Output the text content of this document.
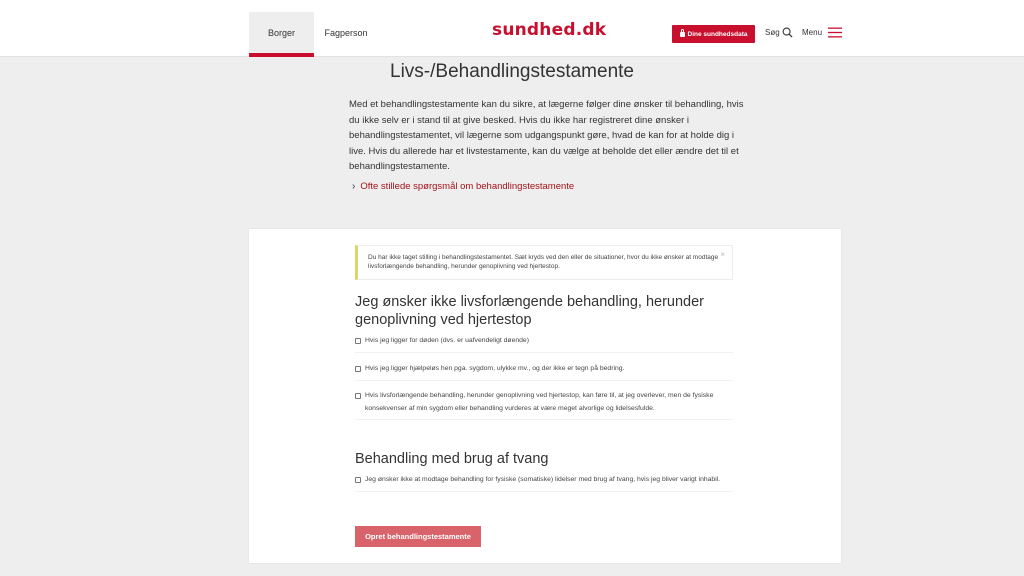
Borger	Fagperson	sundhed.dk	Dine sundhedsdata Søg	Menu
Livs-/Behandlingstestamente

Med et behandlingstestamente kan du sikre, at lægerne følger dine ønsker til behandling, hvis du ikke selv er i stand til at give besked. Hvis du ikke har registreret dine ønsker i behandlingstestamentet, vil lægerne som udgangspunkt gøre, hvad de kan for at holde dig i live. Hvis du allerede har et livstestamente, kan du vælge at beholde det eller ændre det til et behandlingstestamente.

› Ofte stillede spørgsmål om behandlingstestamente
Du har ikke taget stilling i behandlingstestamentet. Sæt kryds ved den eller de situationer, hvor du ikke ønsker at modtage livsforlængende behandling, herunder genoplivning ved hjertestop.
×
Jeg ønsker ikke livsforlængende behandling, herunder genoplivning ved hjertestop
Hvis jeg ligger for døden (dvs. er uafvendeligt døende)
Hvis jeg ligger hjælpeløs hen pga. sygdom, ulykke mv., og der ikke er tegn på bedring.
Hvis livsforlængende behandling, herunder genoplivning ved hjertestop, kan føre til, at jeg overlever, men de fysiske konsekvenser af min sygdom eller behandling vurderes at være meget alvorlige og lidelsesfulde.
Behandling med brug af tvang
Jeg ønsker ikke at modtage behandling for fysiske (somatiske) lidelser med brug af tvang, hvis jeg bliver varigt inhabil.
Opret behandlingstestamente
